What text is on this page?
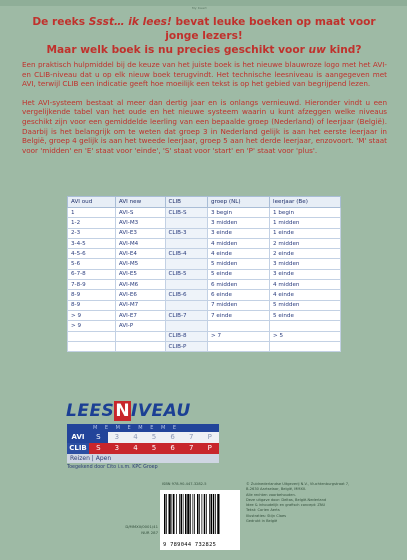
My Kaart
De reeks Ssst… ik lees! bevat leuke boeken op maat voor jonge lezers!
Maar welk boek is nu precies geschikt voor uw kind?

Een praktisch hulpmiddel bij de keuze van het juiste boek is het nieuwe blauwroze logo met het AVI- en CLIB-niveau dat u op elk nieuw boek terugvindt. Het technische leesniveau is aangegeven met AVI, terwijl CLIB een indicatie geeft hoe moeilijk een tekst is op het gebied van begrijpend lezen.

Het AVI-systeem bestaat al meer dan dertig jaar en is onlangs vernieuwd. Hieronder vindt u een vergelijkende tabel van het oude en het nieuwe systeem waarin u kunt afzeggen welke niveaus geschikt zijn voor een gemiddelde leerling van een bepaalde groep (Nederland) of leerjaar (België). Daarbij is het belangrijk om te weten dat groep 3 in Nederland gelijk is aan het eerste leerjaar in België, groep 4 gelijk is aan het tweede leerjaar, groep 5 aan het derde leerjaar, enzovoort. 'M' staat voor 'midden' en 'E' staat voor 'einde', 'S' staat voor 'start' en 'P' staat voor 'plus'.

AVI oud	AVI new	CLIB	groep (NL)	leerjaar (Be)
1	AVI-S	CLIB-S	3 begin	1 begin
1-2	AVI-M3		3 midden	1 midden
2-3	AVI-E3	CLIB-3	3 einde	1 einde
3-4-5	AVI-M4		4 midden	2 midden
4-5-6	AVI-E4	CLIB-4	4 einde	2 einde
5-6	AVI-M5		5 midden	3 midden
6-7-8	AVI-E5	CLIB-5	5 einde	3 einde
7-8-9	AVI-M6		6 midden	4 midden
8-9	AVI-E6	CLIB-6	6 einde	4 einde
8-9	AVI-M7		7 midden	5 midden
> 9	AVI-E7	CLIB-7	7 einde	5 einde
> 9	AVI-P			
		CLIB-8	> 7	> 5
		CLIB-P		
LEESNIVEAU
M E M E M E M E
AVI	S	3	4	5	6	7	P
CLIB	S	3	4	5	6	7	P
Reizen | Apen
Toegekend door Cito i.s.m. KPC Groep
ISBN 978-90-447-3282-5
9 789044 732825
D/MMXII/0001/41
NUR 287
© Zuidnederlandse Uitgeverij N.V., Vluchtenburgstraat 7,
B-2630 Aartselaar, België, MMXII.
Alle rechten voorbehouden.
Deze uitgave door: Deltas, België-Nederland
Idee & inhoudelijk en grafisch concept: ZNU
Tekst: Corien Aerts
Illustraties: Stijn Claes
Gedrukt in België
